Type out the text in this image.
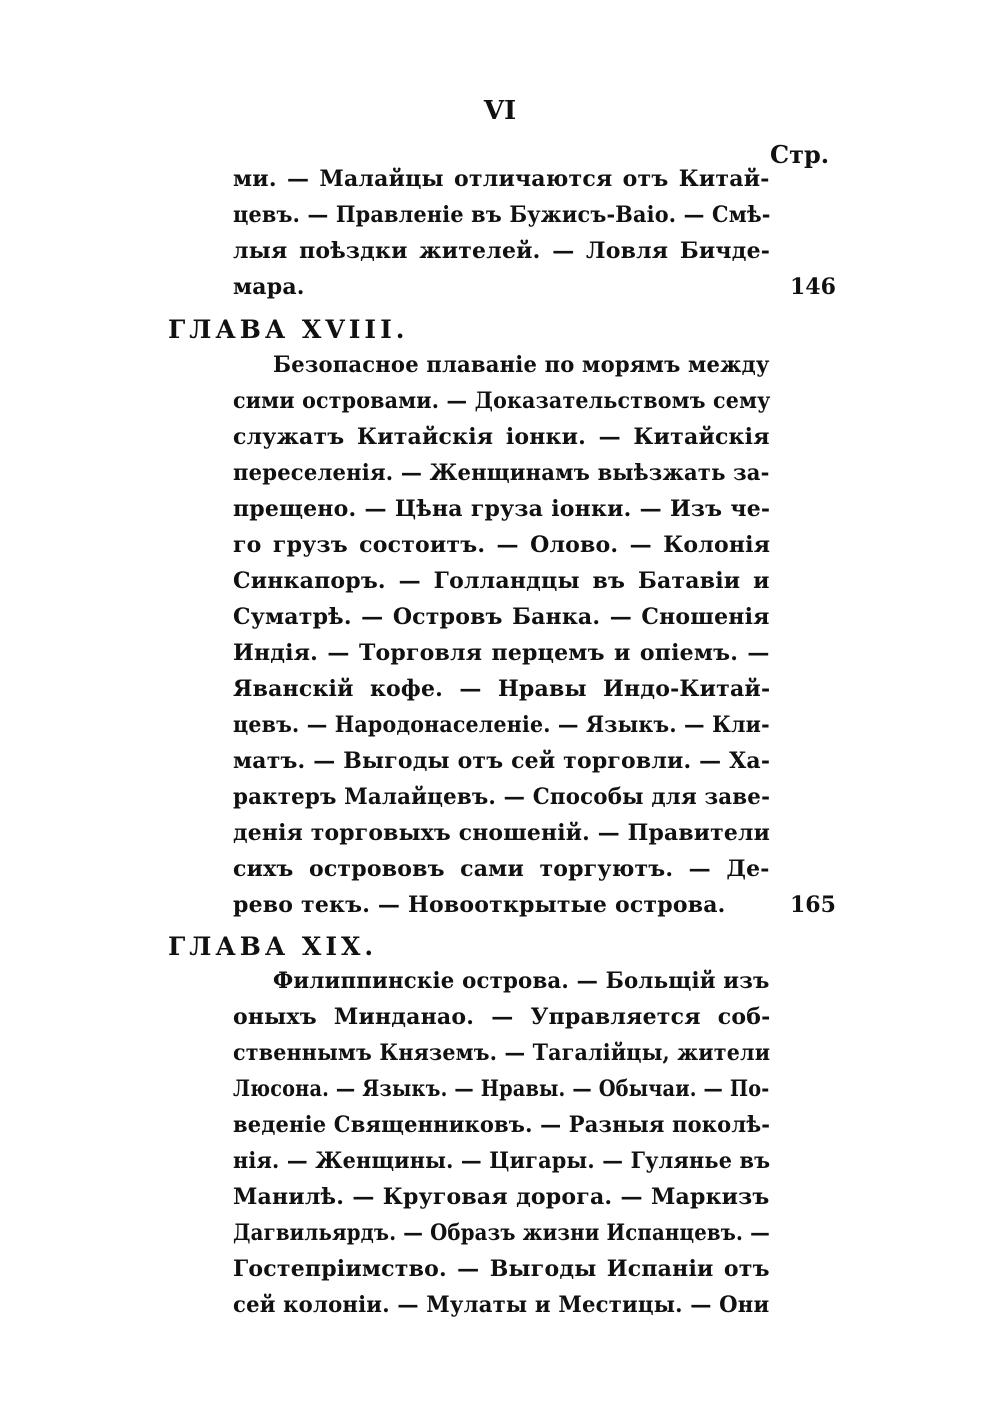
VI
Стр.
ми. — Малайцы отличаются отъ Китай-
цевъ. — Правленіе въ Бужисъ-Ваіо. — Смѣ-
лыя поѣздки жителей. — Ловля Бичде-
мара.	146
ГЛАВА XVIII.
Безопасное плаваніе по морямъ между
сими островами. — Доказательствомъ сему
служатъ Китайскія іонки. — Китайскія
переселенія. — Женщинамъ выѣзжать за-
прещено. — Цѣна груза іонки. — Изъ че-
го грузъ состоитъ. — Олово. — Колонія
Синкапоръ. — Голландцы въ Батавіи и
Суматрѣ. — Островъ Банка. — Сношенія
Индія. — Торговля перцемъ и опіемъ. —
Яванскій кофе. — Нравы Индо-Китай-
цевъ. — Народонаселеніе. — Языкъ. — Кли-
матъ. — Выгоды отъ сей торговли. — Ха-
рактеръ Малайцевъ. — Способы для заве-
денія торговыхъ сношеній. — Правители
сихъ острововъ сами торгуютъ. — Де-
рево текъ. — Новооткрытые острова.	165
ГЛАВА XIX.
Филиппинскіе острова. — Больщій изъ
оныхъ Минданао. — Управляется соб-
ственнымъ Княземъ. — Тагалійцы, жители
Люсона. — Языкъ. — Нравы. — Обычаи. — По-
веденіе Священниковъ. — Разныя поколѣ-
нія. — Женщины. — Цигары. — Гулянье въ
Манилѣ. — Круговая дорога. — Маркизъ
Дагвильярдъ. — Образъ жизни Испанцевъ. —
Гостепріимство. — Выгоды Испаніи отъ
сей колоніи. — Мулаты и Местицы. — Они
